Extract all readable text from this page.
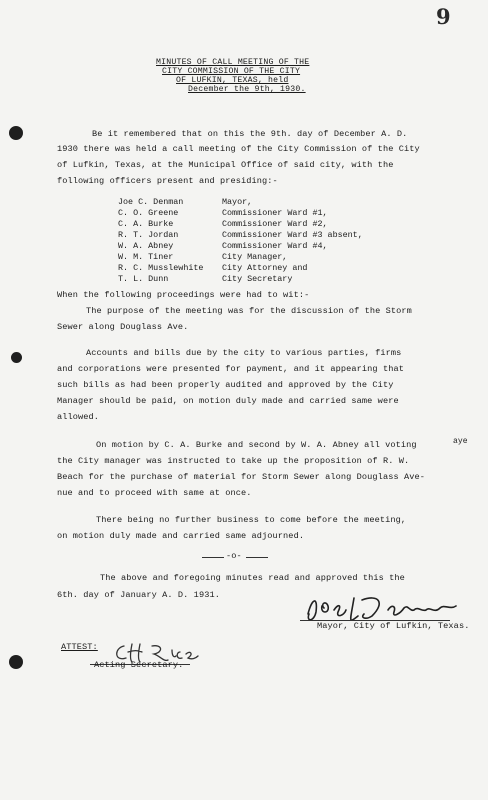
9
MINUTES OF CALL MEETING OF THE
CITY COMMISSION OF THE CITY
OF LUFKIN, TEXAS, held
December the 9th, 1930.
Be it remembered that on this the 9th. day of December A. D.
1930 there was held a call meeting of the City Commission of the City
of Lufkin, Texas, at the Municipal Office of said city, with the
following officers present and presiding:-
Joe C. Denman	Mayor,
C. O. Greene	Commissioner Ward #1,
C. A. Burke	Commissioner Ward #2,
R. T. Jordan	Commissioner Ward #3 absent,
W. A. Abney	Commissioner Ward #4,
W. M. Tiner	City Manager,
R. C. Musslewhite City Attorney and
T. L. Dunn	City Secretary
When the following proceedings were had to wit:-
The purpose of the meeting was for the discussion of the Storm
Sewer along Douglass Ave.
Accounts and bills due by the city to various parties, firms
and corporations were presented for payment, and it appearing that
such bills as had been properly audited and approved by the City
Manager should be paid, on motion duly made and carried same were
allowed.
aye
On motion by C. A. Burke and second by W. A. Abney all voting
the City manager was instructed to take up the proposition of R. W.
Beach for the purchase of material for Storm Sewer along Douglass Ave-
nue and to proceed with same at once.
There being no further business to come before the meeting,
on motion duly made and carried same adjourned.
-o-
The above and foregoing minutes read and approved this the
6th. day of January A. D. 1931.
Mayor, City of Lufkin, Texas.
ATTEST:
Acting Secretary.
